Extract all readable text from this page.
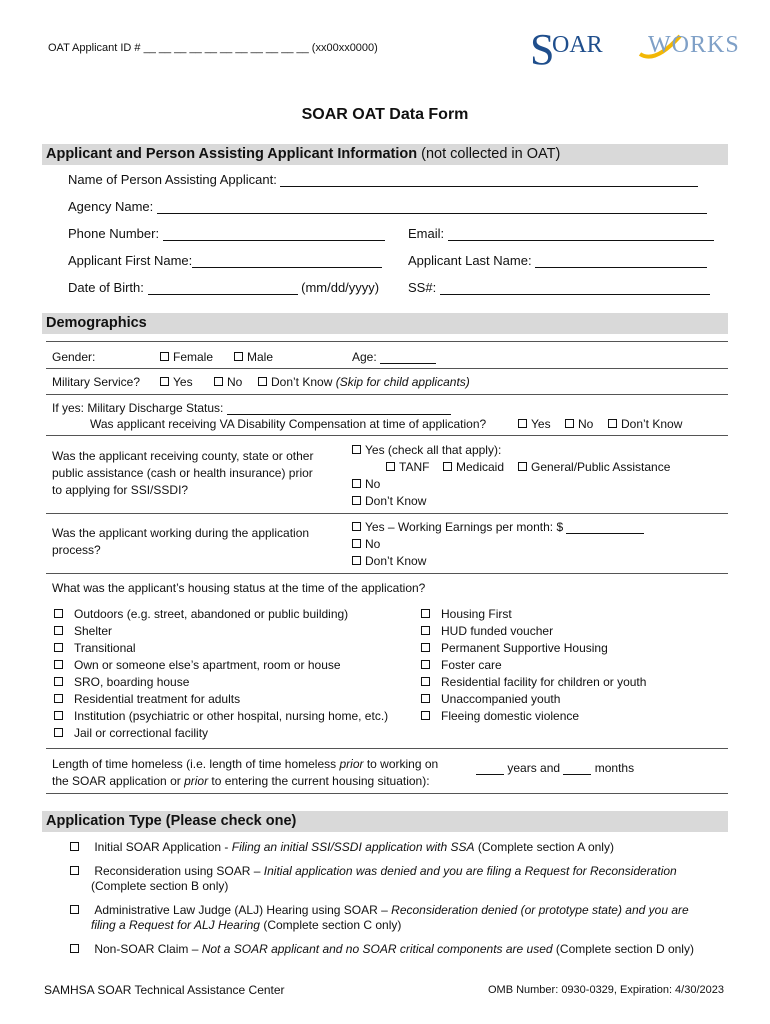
OAT Applicant ID # __ __ __ __ __ __ __ __ __ __ __ (xx00xx0000)	S
OAR WORKS
SOAR OAT Data Form
Applicant and Person Assisting Applicant Information (not collected in OAT)
Name of Person Assisting Applicant:
Agency Name:
Phone Number:	Email:
Applicant First Name:	Applicant Last Name:
Date of Birth:	(mm/dd/yyyy) SS#:
Demographics
Gender:	Female	Male	Age:
Military Service?	Yes	No	Don’t Know (Skip for child applicants)
If yes: Military Discharge Status:
Was applicant receiving VA Disability Compensation at time of application?	Yes	No	Don’t Know
Was the applicant receiving county, state or other
public assistance (cash or health insurance) prior
to applying for SSI/SSDI?
Yes (check all that apply):
TANF	Medicaid	General/Public Assistance
No
Don’t Know
Was the applicant working during the application
process?
Yes – Working Earnings per month: $
No
Don’t Know
What was the applicant’s housing status at the time of the application?
Outdoors (e.g. street, abandoned or public building)
Shelter
Transitional
Own or someone else’s apartment, room or house
SRO, boarding house
Residential treatment for adults
Institution (psychiatric or other hospital, nursing home, etc.)
Jail or correctional facility
Housing First
HUD funded voucher
Permanent Supportive Housing
Foster care
Residential facility for children or youth
Unaccompanied youth
Fleeing domestic violence
Length of time homeless (i.e. length of time homeless prior to working on
the SOAR application or prior to entering the current housing situation):
years and	months
Application Type (Please check one)
Initial SOAR Application - Filing an initial SSI/SSDI application with SSA (Complete section A only)
Reconsideration using SOAR – Initial application was denied and you are filing a Request for Reconsideration
(Complete section B only)
Administrative Law Judge (ALJ) Hearing using SOAR – Reconsideration denied (or prototype state) and you are
filing a Request for ALJ Hearing (Complete section C only)
Non-SOAR Claim – Not a SOAR applicant and no SOAR critical components are used (Complete section D only)
SAMHSA SOAR Technical Assistance Center	OMB Number: 0930-0329, Expiration: 4/30/2023
